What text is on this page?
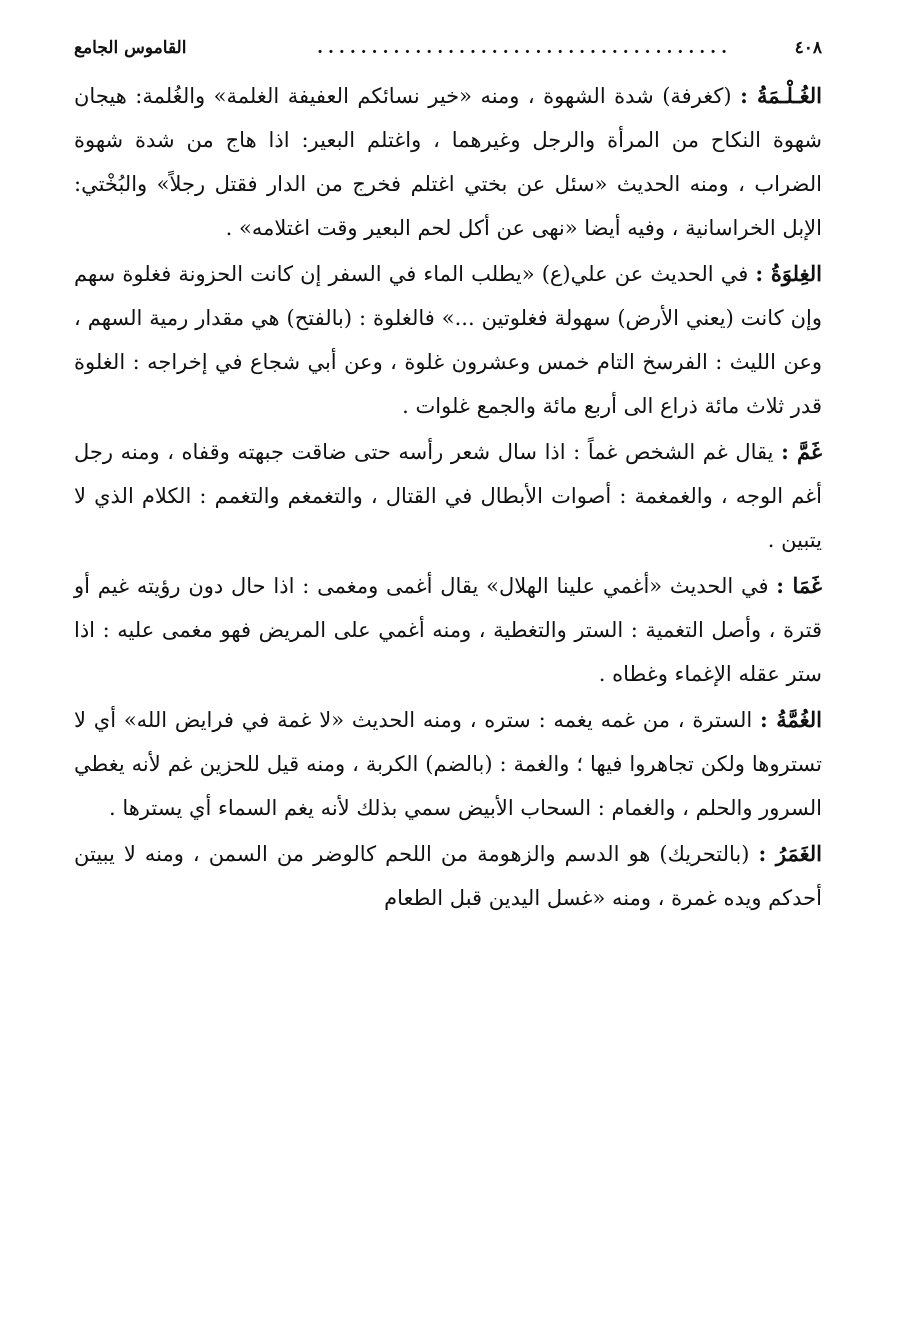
٤٠٨
......................................
القاموس الجامع

الغُـلْـمَةُ : (كغرفة) شدة الشهوة ، ومنه «خير نسائكم العفيفة الغلمة» والغُلمة: هيجان شهوة النكاح من المرأة والرجل وغيرهما ، واغتلم البعير: اذا هاج من شدة شهوة الضراب ، ومنه الحديث «سئل عن بختي اغتلم فخرج من الدار فقتل رجلاً» والبُخْتي: الإبل الخراسانية ، وفيه أيضا «نهى عن أكل لحم البعير وقت اغتلامه» .

الغِلوَةُ : في الحديث عن علي(ع) «يطلب الماء في السفر إن كانت الحزونة فغلوة سهم وإن كانت (يعني الأرض) سهولة فغلوتين ...» فالغلوة : (بالفتح) هي مقدار رمية السهم ، وعن الليث : الفرسخ التام خمس وعشرون غلوة ، وعن أبي شجاع في إخراجه : الغلوة قدر ثلاث مائة ذراع الى أربع مائة والجمع غلوات .

غَمَّ : يقال غم الشخص غماً : اذا سال شعر رأسه حتى ضاقت جبهته وقفاه ، ومنه رجل أغم الوجه ، والغمغمة : أصوات الأبطال في القتال ، والتغمغم والتغمم : الكلام الذي لا يتبين .

غَمَا : في الحديث «أغمي علينا الهلال» يقال أغمى ومغمى : اذا حال دون رؤيته غيم أو قترة ، وأصل التغمية : الستر والتغطية ، ومنه أغمي على المريض فهو مغمى عليه : اذا ستر عقله الإغماء وغطاه .

الغُمَّةُ : السترة ، من غمه يغمه : ستره ، ومنه الحديث «لا غمة في فرايض الله» أي لا تستروها ولكن تجاهروا فيها ؛ والغمة : (بالضم) الكربة ، ومنه قيل للحزين غم لأنه يغطي السرور والحلم ، والغمام : السحاب الأبيض سمي بذلك لأنه يغم السماء أي يسترها .

الغَمَرُ : (بالتحريك) هو الدسم والزهومة من اللحم كالوضر من السمن ، ومنه لا يبيتن أحدكم ويده غمرة ، ومنه «غسل اليدين قبل الطعام
